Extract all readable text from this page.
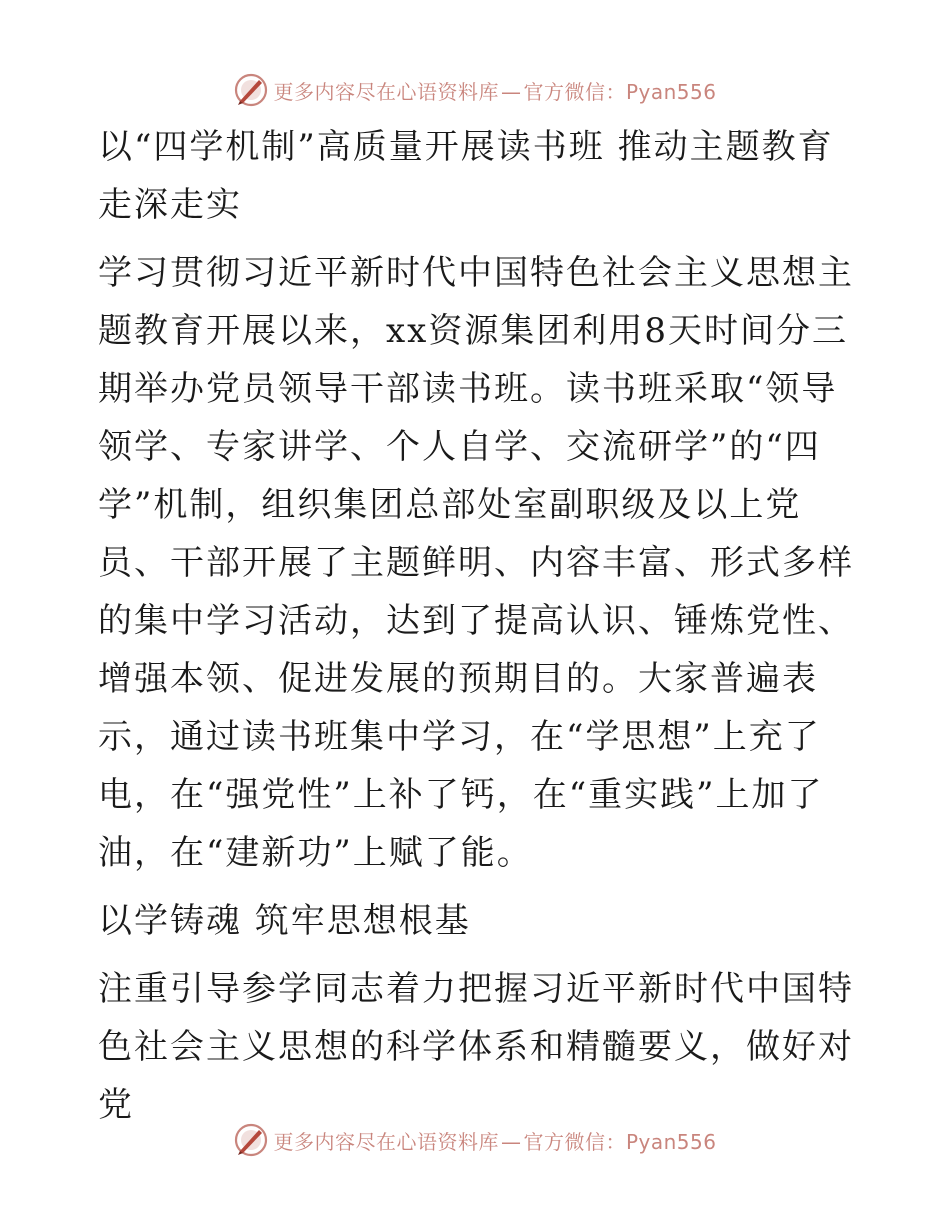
更多内容尽在心语资料库 — 官方微信：Pyan556
以“四学机制”高质量开展读书班 推动主题教育走深走实
学习贯彻习近平新时代中国特色社会主义思想主题教育开展以来，xx资源集团利用8天时间分三期举办党员领导干部读书班。读书班采取“领导领学、专家讲学、个人自学、交流研学”的“四学”机制，组织集团总部处室副职级及以上党员、干部开展了主题鲜明、内容丰富、形式多样的集中学习活动，达到了提高认识、锤炼党性、增强本领、促进发展的预期目的。大家普遍表示，通过读书班集中学习，在“学思想”上充了电，在“强党性”上补了钙，在“重实践”上加了油，在“建新功”上赋了能。
以学铸魂 筑牢思想根基
注重引导参学同志着力把握习近平新时代中国特色社会主义思想的科学体系和精髓要义，做好对党
更多内容尽在心语资料库 — 官方微信：Pyan556
